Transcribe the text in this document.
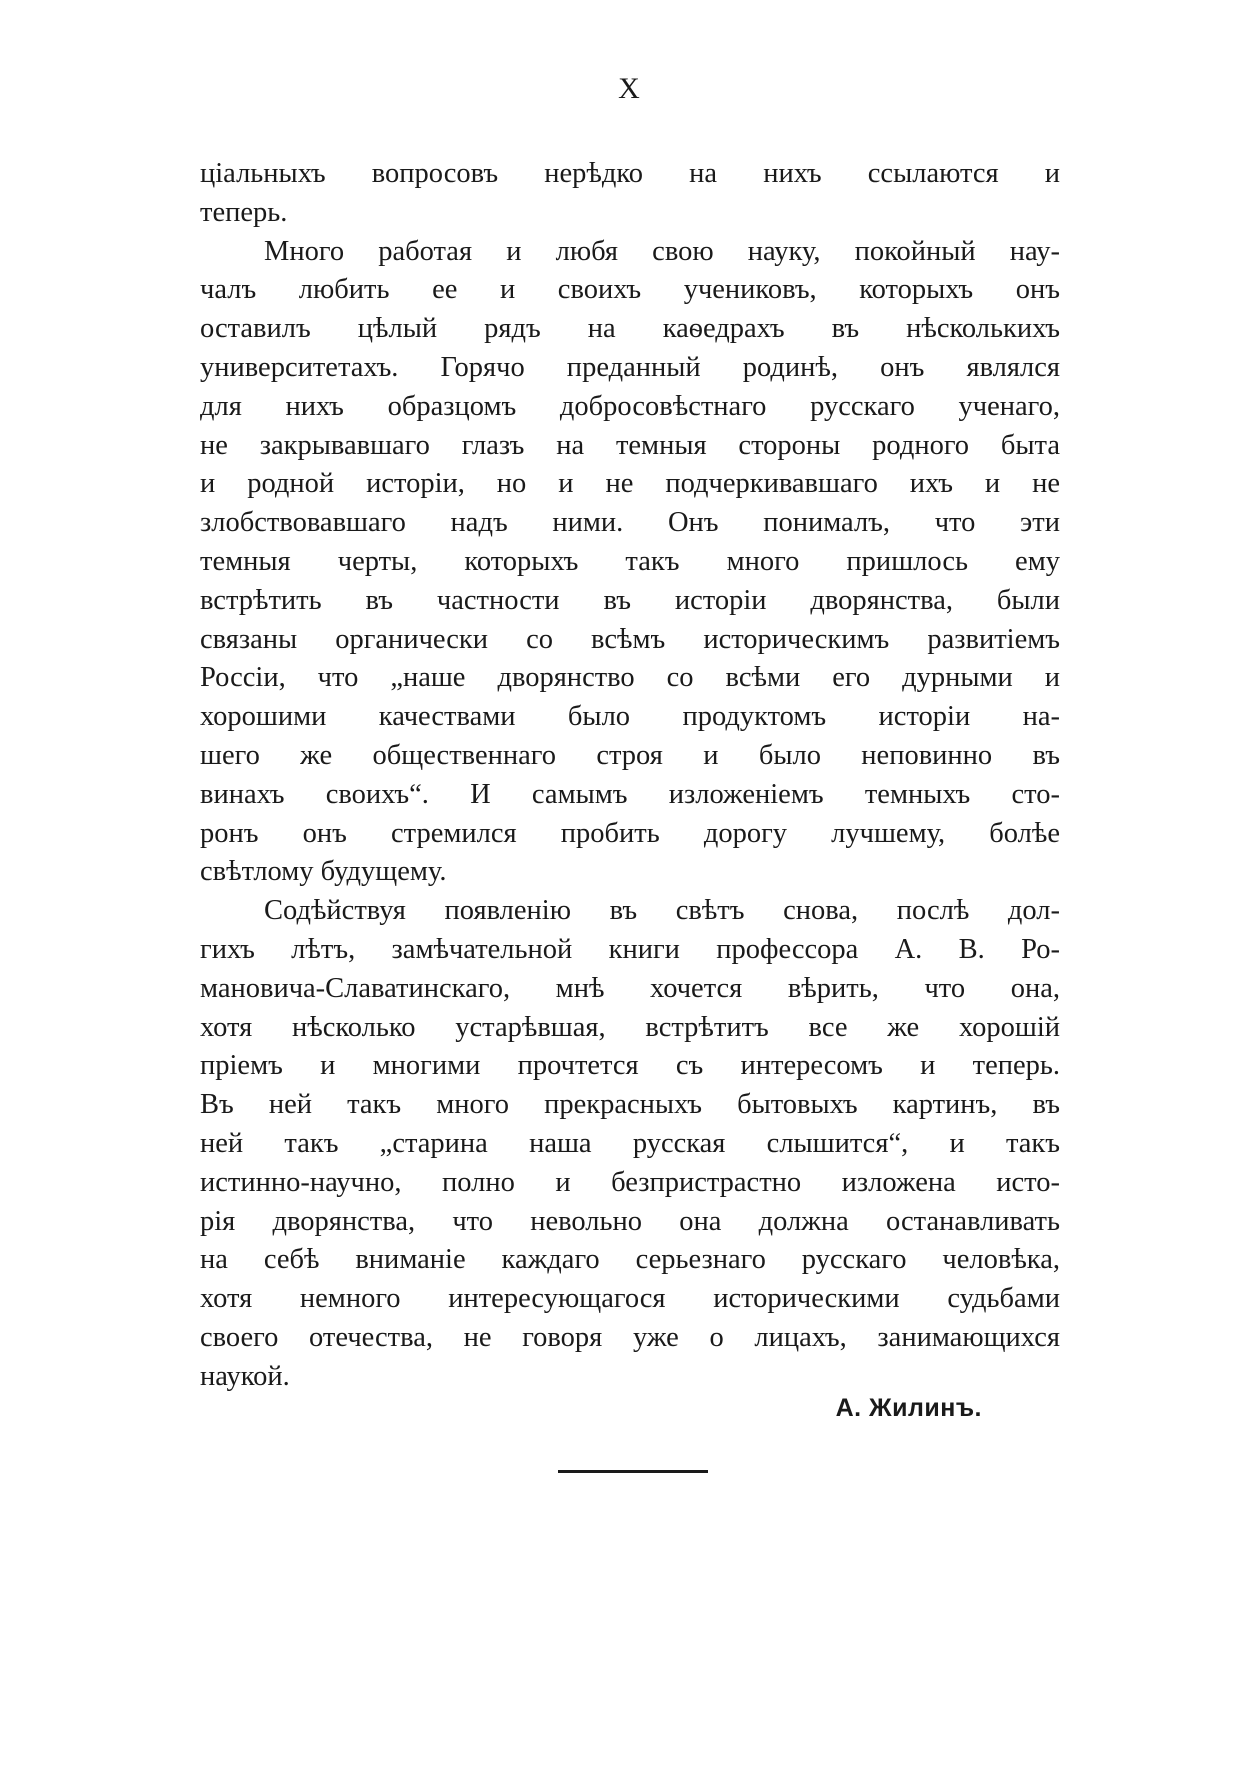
X
ціальныхъ вопросовъ нерѣдко на нихъ ссылаются и
теперь.
Много работая и любя свою науку, покойный нау-
чалъ любить ее и своихъ учениковъ, которыхъ онъ
оставилъ цѣлый рядъ на каѳедрахъ въ нѣсколькихъ
университетахъ. Горячо преданный родинѣ, онъ являлся
для нихъ образцомъ добросовѣстнаго русскаго ученаго,
не закрывавшаго глазъ на темныя стороны родного быта
и родной исторіи, но и не подчеркивавшаго ихъ и не
злобствовавшаго надъ ними. Онъ понималъ, что эти
темныя черты, которыхъ такъ много пришлось ему
встрѣтить въ частности въ исторіи дворянства, были
связаны органически со всѣмъ историческимъ развитіемъ
Россіи, что „наше дворянство со всѣми его дурными и
хорошими качествами было продуктомъ исторіи на-
шего же общественнаго строя и было неповинно въ
винахъ своихъ“. И самымъ изложеніемъ темныхъ сто-
ронъ онъ стремился пробить дорогу лучшему, болѣе
свѣтлому будущему.
Содѣйствуя появленію въ свѣтъ снова, послѣ дол-
гихъ лѣтъ, замѣчательной книги профессора А. В. Ро-
мановича-Славатинскаго, мнѣ хочется вѣрить, что она,
хотя нѣсколько устарѣвшая, встрѣтитъ все же хорошій
пріемъ и многими прочтется съ интересомъ и теперь.
Въ ней такъ много прекрасныхъ бытовыхъ картинъ, въ
ней такъ „старина наша русская слышится“, и такъ
истинно-научно, полно и безпристрастно изложена исто-
рія дворянства, что невольно она должна останавливать
на себѣ вниманіе каждаго серьезнаго русскаго человѣка,
хотя немного интересующагося историческими судьбами
своего отечества, не говоря уже о лицахъ, занимающихся
наукой.
А. Жилинъ.
